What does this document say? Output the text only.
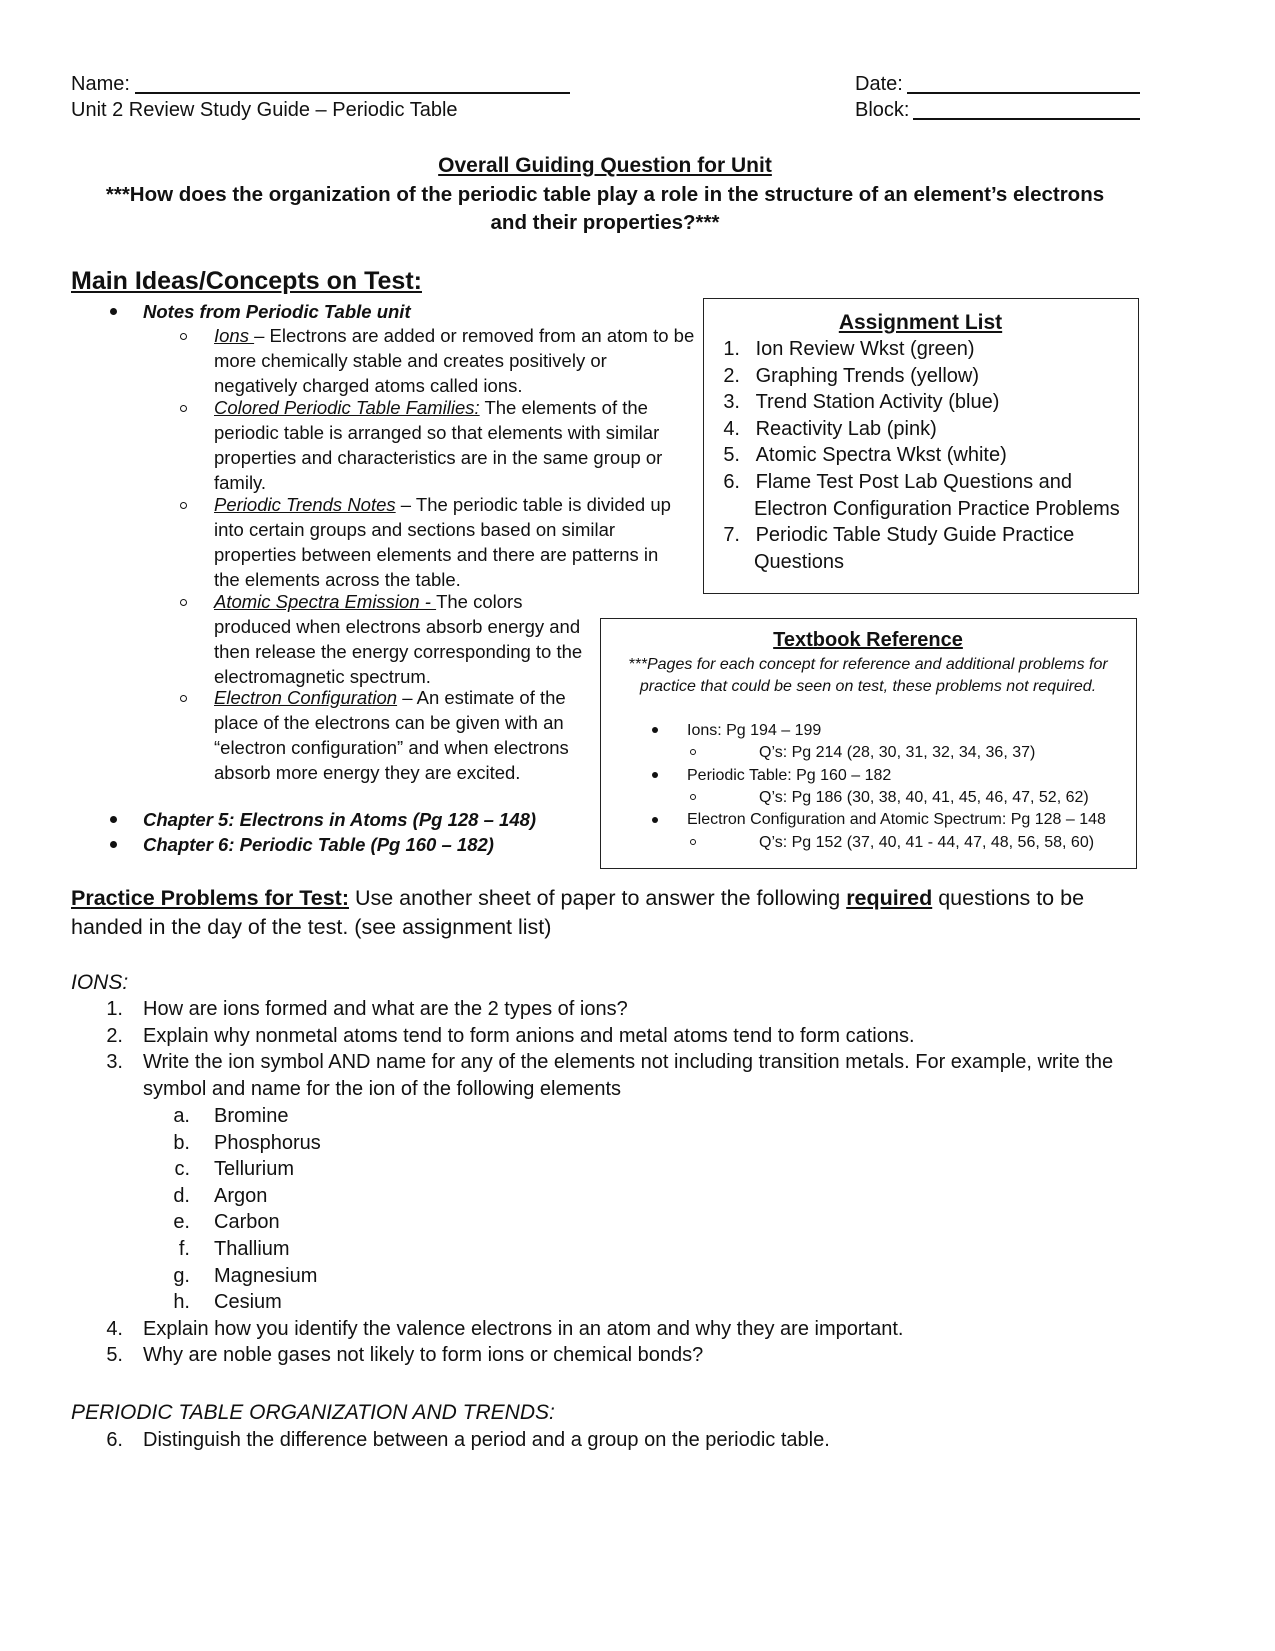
Name:	Date:
Unit 2 Review Study Guide – Periodic Table	Block:
Overall Guiding Question for Unit
***How does the organization of the periodic table play a role in the structure of an element’s electrons
and their properties?***
Main Ideas/Concepts on Test:
Notes from Periodic Table unit
Ions – Electrons are added or removed from an atom to be
more chemically stable and creates positively or
negatively charged atoms called ions.
Colored Periodic Table Families: The elements of the
periodic table is arranged so that elements with similar
properties and characteristics are in the same group or
family.
Periodic Trends Notes – The periodic table is divided up
into certain groups and sections based on similar
properties between elements and there are patterns in
the elements across the table.
Atomic Spectra Emission - The colors
produced when electrons absorb energy and
then release the energy corresponding to the
electromagnetic spectrum.
Electron Configuration – An estimate of the
place of the electrons can be given with an
“electron configuration” and when electrons
absorb more energy they are excited.
Chapter 5: Electrons in Atoms (Pg 128 – 148)
Chapter 6: Periodic Table (Pg 160 – 182)
Assignment List
1. Ion Review Wkst (green)
2. Graphing Trends (yellow)
3. Trend Station Activity (blue)
4. Reactivity Lab (pink)
5. Atomic Spectra Wkst (white)
6. Flame Test Post Lab Questions and
Electron Configuration Practice Problems
7. Periodic Table Study Guide Practice
Questions
Textbook Reference
***Pages for each concept for reference and additional problems for
practice that could be seen on test, these problems not required.
Ions: Pg 194 – 199
Q’s: Pg 214 (28, 30, 31, 32, 34, 36, 37)
Periodic Table: Pg 160 – 182
Q’s: Pg 186 (30, 38, 40, 41, 45, 46, 47, 52, 62)
Electron Configuration and Atomic Spectrum: Pg 128 – 148
Q’s: Pg 152 (37, 40, 41 - 44, 47, 48, 56, 58, 60)
Practice Problems for Test: Use another sheet of paper to answer the following required questions to be
handed in the day of the test. (see assignment list)
IONS:
1. How are ions formed and what are the 2 types of ions?
2. Explain why nonmetal atoms tend to form anions and metal atoms tend to form cations.
3. Write the ion symbol AND name for any of the elements not including transition metals. For example, write the
symbol and name for the ion of the following elements
a. Bromine
b. Phosphorus
c. Tellurium
d. Argon
e. Carbon
f. Thallium
g. Magnesium
h. Cesium
4. Explain how you identify the valence electrons in an atom and why they are important.
5. Why are noble gases not likely to form ions or chemical bonds?
PERIODIC TABLE ORGANIZATION AND TRENDS:
6. Distinguish the difference between a period and a group on the periodic table.
